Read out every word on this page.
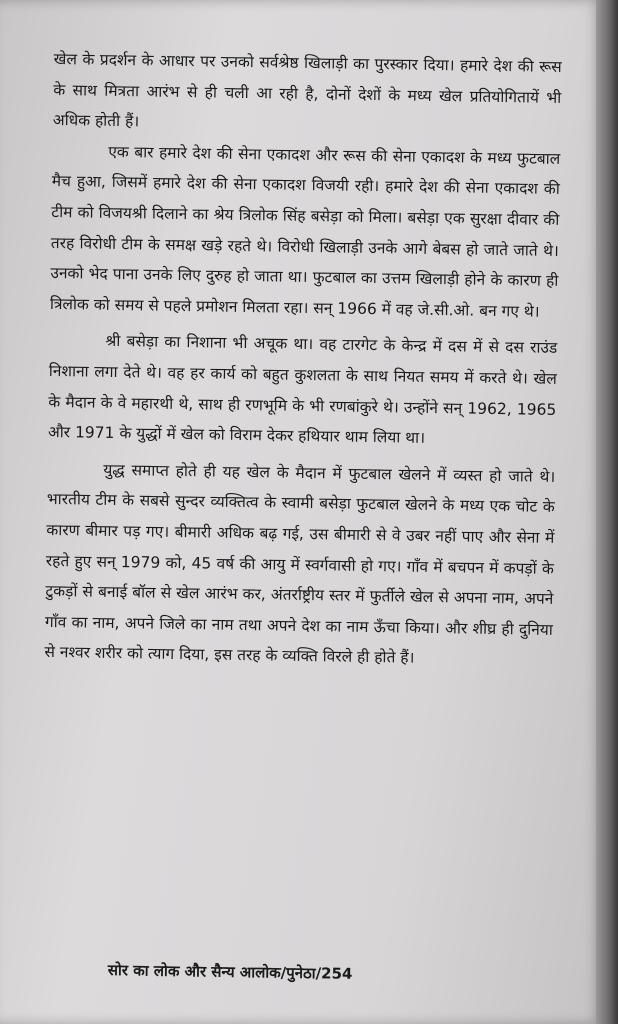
खेल के प्रदर्शन के आधार पर उनको सर्वश्रेष्ठ खिलाड़ी का पुरस्कार दिया। हमारे देश की रूस के साथ मित्रता आरंभ से ही चली आ रही है, दोनों देशों के मध्य खेल प्रतियोगितायें भी अधिक होती हैं।

एक बार हमारे देश की सेना एकादश और रूस की सेना एकादश के मध्य फुटबाल मैच हुआ, जिसमें हमारे देश की सेना एकादश विजयी रही। हमारे देश की सेना एकादश की टीम को विजयश्री दिलाने का श्रेय त्रिलोक सिंह बसेड़ा को मिला। बसेड़ा एक सुरक्षा दीवार की तरह विरोधी टीम के समक्ष खड़े रहते थे। विरोधी खिलाड़ी उनके आगे बेबस हो जाते जाते थे। उनको भेद पाना उनके लिए दुरुह हो जाता था। फुटबाल का उत्तम खिलाड़ी होने के कारण ही त्रिलोक को समय से पहले प्रमोशन मिलता रहा। सन् 1966 में वह जे.सी.ओ. बन गए थे।

श्री बसेड़ा का निशाना भी अचूक था। वह टारगेट के केन्द्र में दस में से दस राउंड निशाना लगा देते थे। वह हर कार्य को बहुत कुशलता के साथ नियत समय में करते थे। खेल के मैदान के वे महारथी थे, साथ ही रणभूमि के भी रणबांकुरे थे। उन्होंने सन् 1962, 1965 और 1971 के युद्धों में खेल को विराम देकर हथियार थाम लिया था।

युद्ध समाप्त होते ही यह खेल के मैदान में फुटबाल खेलने में व्यस्त हो जाते थे। भारतीय टीम के सबसे सुन्दर व्यक्तित्व के स्वामी बसेड़ा फुटबाल खेलने के मध्य एक चोट के कारण बीमार पड़ गए। बीमारी अधिक बढ़ गई, उस बीमारी से वे उबर नहीं पाए और सेना में रहते हुए सन् 1979 को, 45 वर्ष की आयु में स्वर्गवासी हो गए। गाँव में बचपन में कपड़ों के टुकड़ों से बनाई बॉल से खेल आरंभ कर, अंतर्राष्ट्रीय स्तर में फुर्तीले खेल से अपना नाम, अपने गाँव का नाम, अपने जिले का नाम तथा अपने देश का नाम ऊँचा किया। और शीघ्र ही दुनिया से नश्वर शरीर को त्याग दिया, इस तरह के व्यक्ति विरले ही होते हैं।

सोर का लोक और सैन्य आलोक/पुनेठा/254
